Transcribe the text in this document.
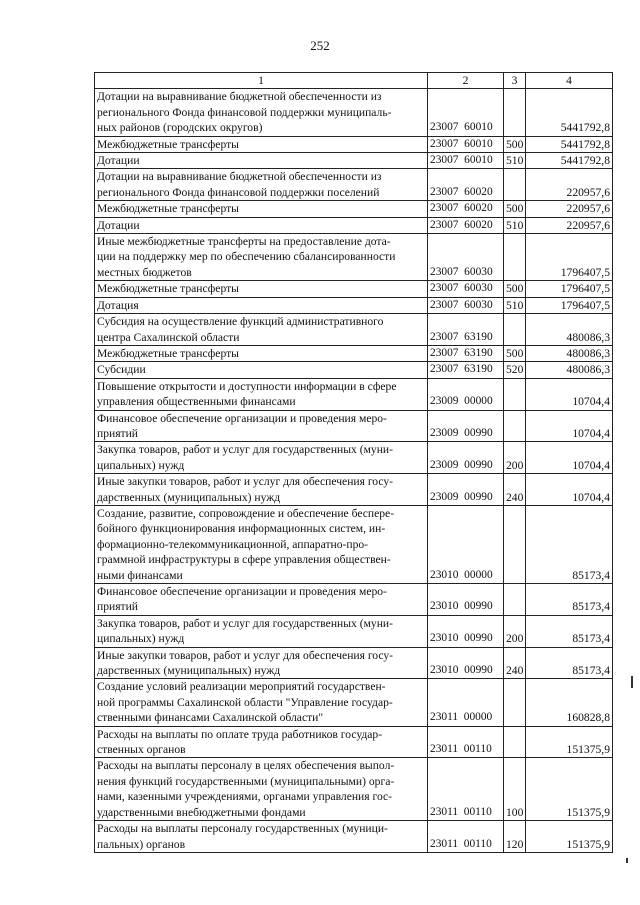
252
1	2	3	4
Дотации на выравнивание бюджетной обеспеченности из
регионального Фонда финансовой поддержки муниципаль-
ных районов (городских округов)	23007  60010		5441792,8
Межбюджетные трансферты	23007  60010	500	5441792,8
Дотации	23007  60010	510	5441792,8
Дотации на выравнивание бюджетной обеспеченности из
регионального Фонда финансовой поддержки поселений	23007  60020		220957,6
Межбюджетные трансферты	23007  60020	500	220957,6
Дотации	23007  60020	510	220957,6
Иные межбюджетные трансферты на предоставление дота-
ции на поддержку мер по обеспечению сбалансированности
местных бюджетов	23007  60030		1796407,5
Межбюджетные трансферты	23007  60030	500	1796407,5
Дотация	23007  60030	510	1796407,5
Субсидия на осуществление функций административного
центра Сахалинской области	23007  63190		480086,3
Межбюджетные трансферты	23007  63190	500	480086,3
Субсидии	23007  63190	520	480086,3
Повышение открытости и доступности информации в сфере
управления общественными финансами	23009  00000		10704,4
Финансовое обеспечение организации и проведения меро-
приятий	23009  00990		10704,4
Закупка товаров, работ и услуг для государственных (муни-
ципальных) нужд	23009  00990	200	10704,4
Иные закупки товаров, работ и услуг для обеспечения госу-
дарственных (муниципальных) нужд	23009  00990	240	10704,4
Создание, развитие, сопровождение и обеспечение беспере-
бойного функционирования информационных систем, ин-
формационно-телекоммуникационной, аппаратно-про-
граммной инфраструктуры в сфере управления обществен-
ными финансами	23010  00000		85173,4
Финансовое обеспечение организации и проведения меро-
приятий	23010  00990		85173,4
Закупка товаров, работ и услуг для государственных (муни-
ципальных) нужд	23010  00990	200	85173,4
Иные закупки товаров, работ и услуг для обеспечения госу-
дарственных (муниципальных) нужд	23010  00990	240	85173,4
Создание условий реализации мероприятий государствен-
ной программы Сахалинской области "Управление государ-
ственными финансами Сахалинской области"	23011  00000		160828,8
Расходы на выплаты по оплате труда работников государ-
ственных органов	23011  00110		151375,9
Расходы на выплаты персоналу в целях обеспечения выпол-
нения функций государственными (муниципальными) орга-
нами, казенными учреждениями, органами управления гос-
ударственными внебюджетными фондами	23011  00110	100	151375,9
Расходы на выплаты персоналу государственных (муници-
пальных) органов	23011  00110	120	151375,9
